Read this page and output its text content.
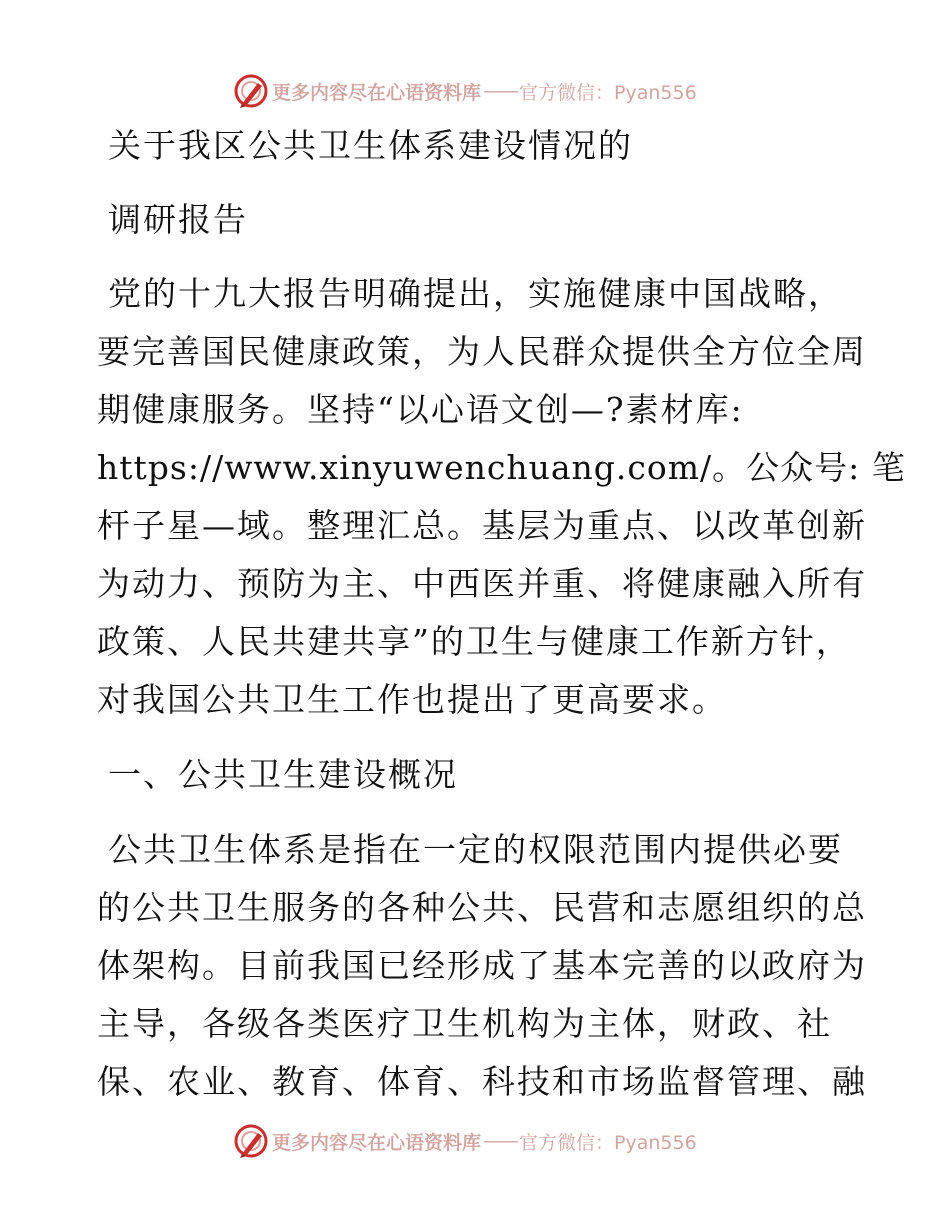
更多内容尽在心语资料库 —— 官方微信：Pyan556
关于我区公共卫生体系建设情况的
调研报告
党的十九大报告明确提出，实施健康中国战略，
要完善国民健康政策，为人民群众提供全方位全周
期健康服务。坚持“以心语文创—?素材库:
https://www.xinyuwenchuang.com/。公众号: 笔
杆子星—域。整理汇总。基层为重点、以改革创新
为动力、预防为主、中西医并重、将健康融入所有
政策、人民共建共享”的卫生与健康工作新方针，
对我国公共卫生工作也提出了更高要求。
一、公共卫生建设概况
公共卫生体系是指在一定的权限范围内提供必要
的公共卫生服务的各种公共、民营和志愿组织的总
体架构。目前我国已经形成了基本完善的以政府为
主导，各级各类医疗卫生机构为主体，财政、社
保、农业、教育、体育、科技和市场监督管理、融
更多内容尽在心语资料库 —— 官方微信：Pyan556
